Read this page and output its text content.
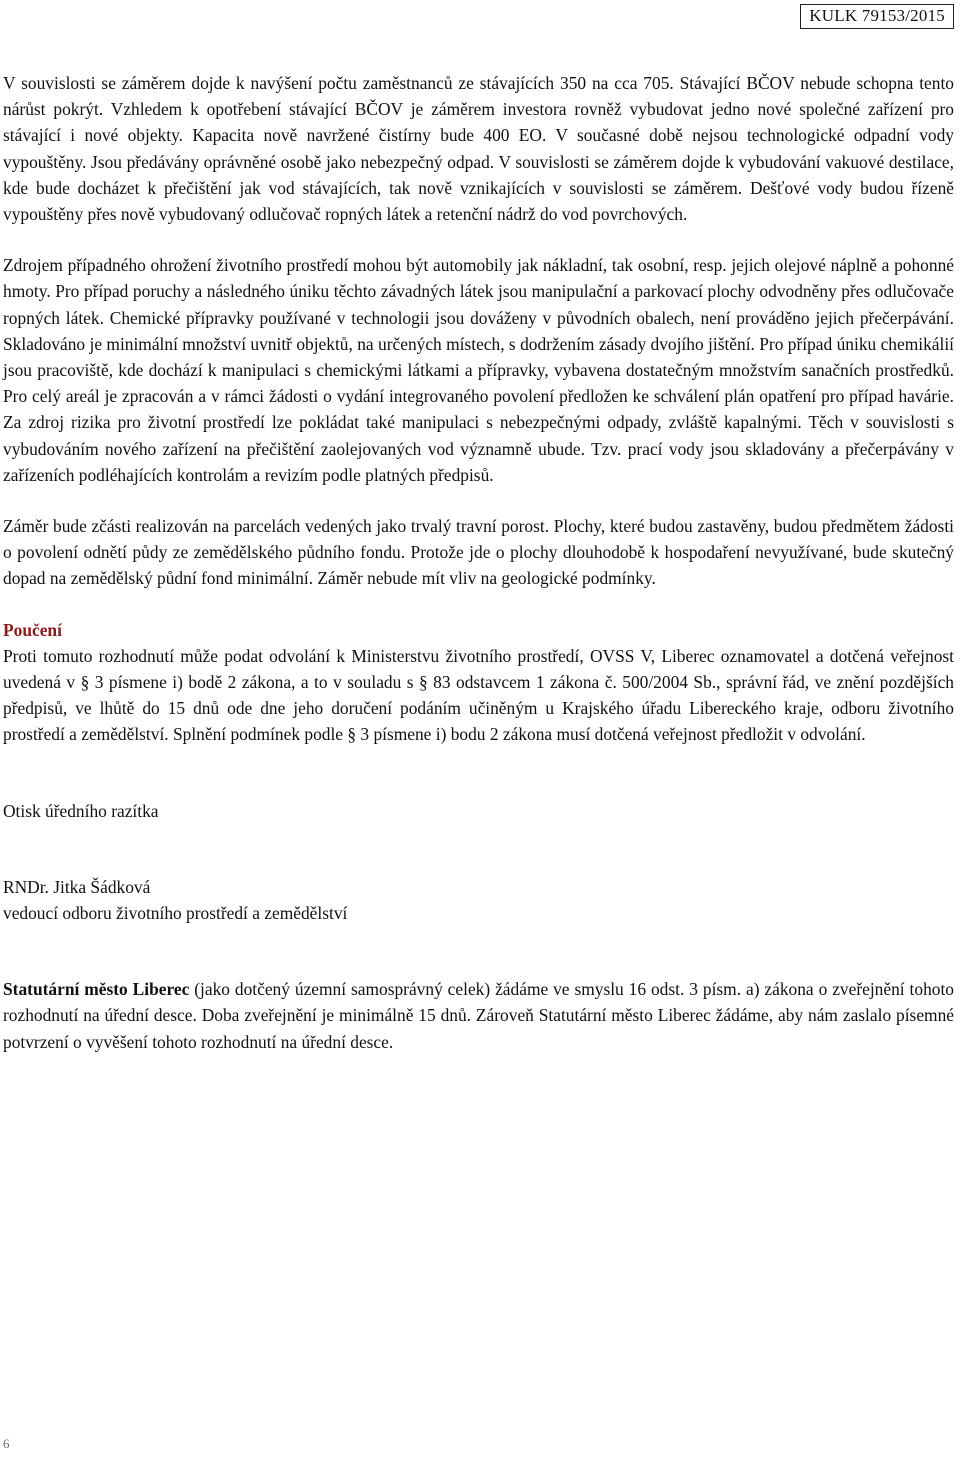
KULK 79153/2015

V souvislosti se záměrem dojde k navýšení počtu zaměstnanců ze stávajících 350 na cca 705. Stávající BČOV nebude schopna tento nárůst pokrýt. Vzhledem k opotřebení stávající BČOV je záměrem investora rovněž vybudovat jedno nové společné zařízení pro stávající i nové objekty. Kapacita nově navržené čistírny bude 400 EO. V současné době nejsou technologické odpadní vody vypouštěny. Jsou předávány oprávněné osobě jako nebezpečný odpad. V souvislosti se záměrem dojde k vybudování vakuové destilace, kde bude docházet k přečištění jak vod stávajících, tak nově vznikajících v souvislosti se záměrem. Dešťové vody budou řízeně vypouštěny přes nově vybudovaný odlučovač ropných látek a retenční nádrž do vod povrchových.

Zdrojem případného ohrožení životního prostředí mohou být automobily jak nákladní, tak osobní, resp. jejich olejové náplně a pohonné hmoty. Pro případ poruchy a následného úniku těchto závadných látek jsou manipulační a parkovací plochy odvodněny přes odlučovače ropných látek. Chemické přípravky používané v technologii jsou dováženy v původních obalech, není prováděno jejich přečerpávání. Skladováno je minimální množství uvnitř objektů, na určených místech, s dodržením zásady dvojího jištění. Pro případ úniku chemikálií jsou pracoviště, kde dochází k manipulaci s chemickými látkami a přípravky, vybavena dostatečným množstvím sanačních prostředků. Pro celý areál je zpracován a v rámci žádosti o vydání integrovaného povolení předložen ke schválení plán opatření pro případ havárie. Za zdroj rizika pro životní prostředí lze pokládat také manipulaci s nebezpečnými odpady, zvláště kapalnými. Těch v souvislosti s vybudováním nového zařízení na přečištění zaolejovaných vod významně ubude. Tzv. prací vody jsou skladovány a přečerpávány v zařízeních podléhajících kontrolám a revizím podle platných předpisů.

Záměr bude zčásti realizován na parcelách vedených jako trvalý travní porost. Plochy, které budou zastavěny, budou předmětem žádosti o povolení odnětí půdy ze zemědělského půdního fondu. Protože jde o plochy dlouhodobě k hospodaření nevyužívané, bude skutečný dopad na zemědělský půdní fond minimální. Záměr nebude mít vliv na geologické podmínky.

Poučení

Proti tomuto rozhodnutí může podat odvolání k Ministerstvu životního prostředí, OVSS V, Liberec oznamovatel a dotčená veřejnost uvedená v § 3 písmene i) bodě 2 zákona, a to v souladu s § 83 odstavcem 1 zákona č. 500/2004 Sb., správní řád, ve znění pozdějších předpisů, ve lhůtě do 15 dnů ode dne jeho doručení podáním učiněným u Krajského úřadu Libereckého kraje, odboru životního prostředí a zemědělství. Splnění podmínek podle § 3 písmene i) bodu 2 zákona musí dotčená veřejnost předložit v odvolání.

Otisk úředního razítka

RNDr. Jitka Šádková

vedoucí odboru životního prostředí a zemědělství

Statutární město Liberec (jako dotčený územní samosprávný celek) žádáme ve smyslu 16 odst. 3 písm. a) zákona o zveřejnění tohoto rozhodnutí na úřední desce. Doba zveřejnění je minimálně 15 dnů. Zároveň Statutární město Liberec žádáme, aby nám zaslalo písemné potvrzení o vyvěšení tohoto rozhodnutí na úřední desce.

6
